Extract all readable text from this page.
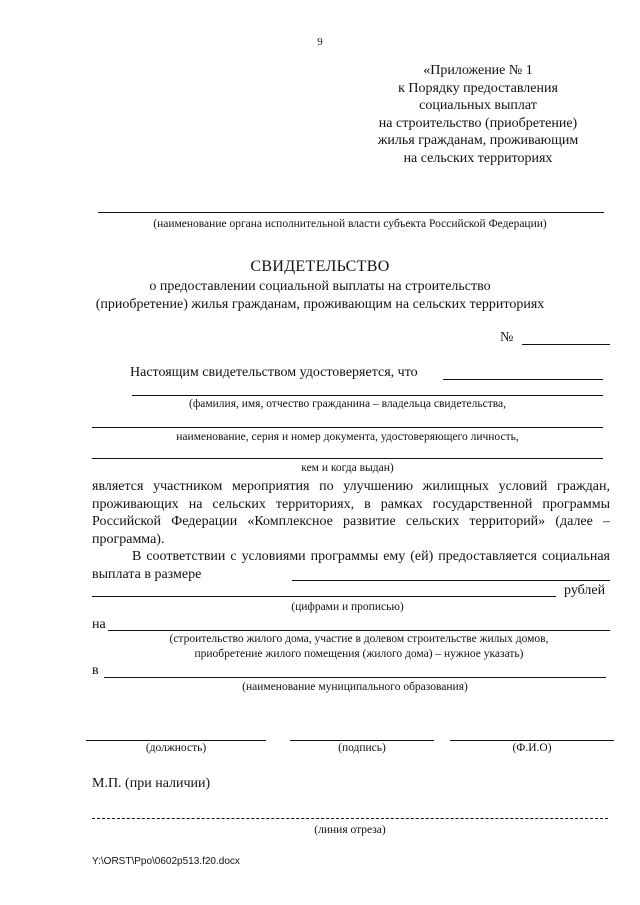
9
«Приложение № 1
к Порядку предоставления
социальных выплат
на строительство (приобретение)
жилья гражданам, проживающим
на сельских территориях
(наименование органа исполнительной власти субъекта Российской Федерации)
СВИДЕТЕЛЬСТВО
о предоставлении социальной выплаты на строительство
(приобретение) жилья гражданам, проживающим на сельских территориях
№
Настоящим свидетельством удостоверяется, что
(фамилия, имя, отчество гражданина – владельца свидетельства,
наименование, серия и номер документа, удостоверяющего личность,
кем и когда выдан)
является участником мероприятия по улучшению жилищных условий граждан, проживающих на сельских территориях, в рамках государственной программы Российской Федерации «Комплексное развитие сельских территорий» (далее – программа).
В соответствии с условиями программы ему (ей) предоставляется социальная выплата в размере
рублей
(цифрами и прописью)
на
(строительство жилого дома, участие в долевом строительстве жилых домов,
приобретение жилого помещения (жилого дома) – нужное указать)
в
(наименование муниципального образования)
(должность)	(подпись)	(Ф.И.О)
М.П. (при наличии)
(линия отреза)
Y:\ORST\Ppo\0602p513.f20.docx
